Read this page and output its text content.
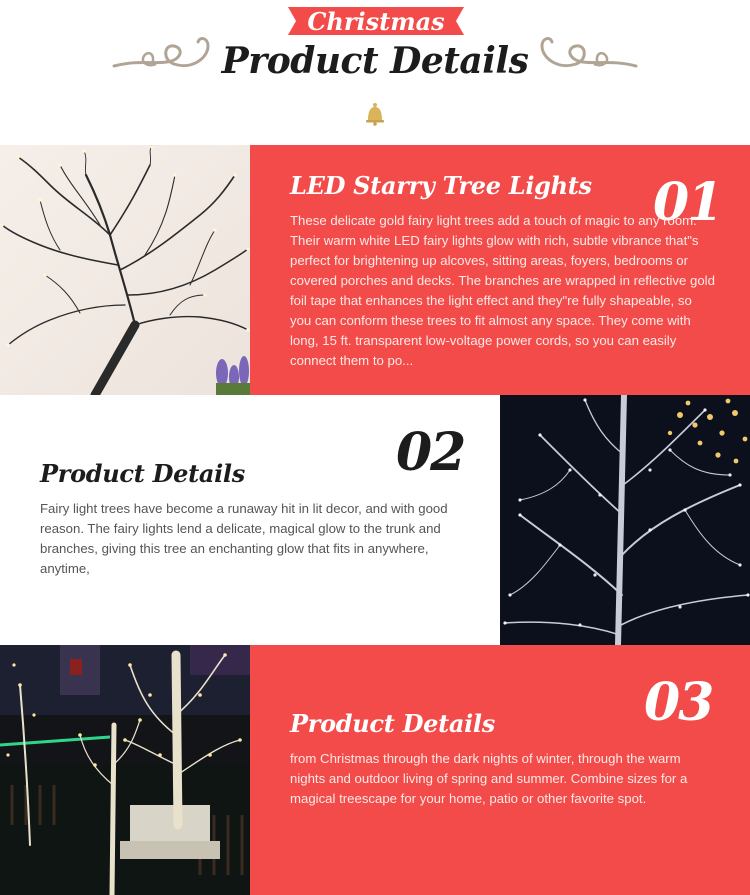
Christmas
Product Details
01
LED Starry Tree Lights
These delicate gold fairy light trees add a touch of magic to any room. Their warm white LED fairy lights glow with rich, subtle vibrance that"s perfect for brightening up alcoves, sitting areas, foyers, bedrooms or covered porches and decks. The branches are wrapped in reflective gold foil tape that enhances the light effect and they"re fully shapeable, so you can conform these trees to fit almost any space. They come with long, 15 ft. transparent low-voltage power cords, so you can easily connect them to po...
02
Product Details
Fairy light trees have become a runaway hit in lit decor, and with good reason. The fairy lights lend a delicate, magical glow to the trunk and branches, giving this tree an enchanting glow that fits in anywhere, anytime,
03
Product Details
from Christmas through the dark nights of winter, through the warm nights and outdoor living of spring and summer. Combine sizes for a magical treescape for your home, patio or other favorite spot.
